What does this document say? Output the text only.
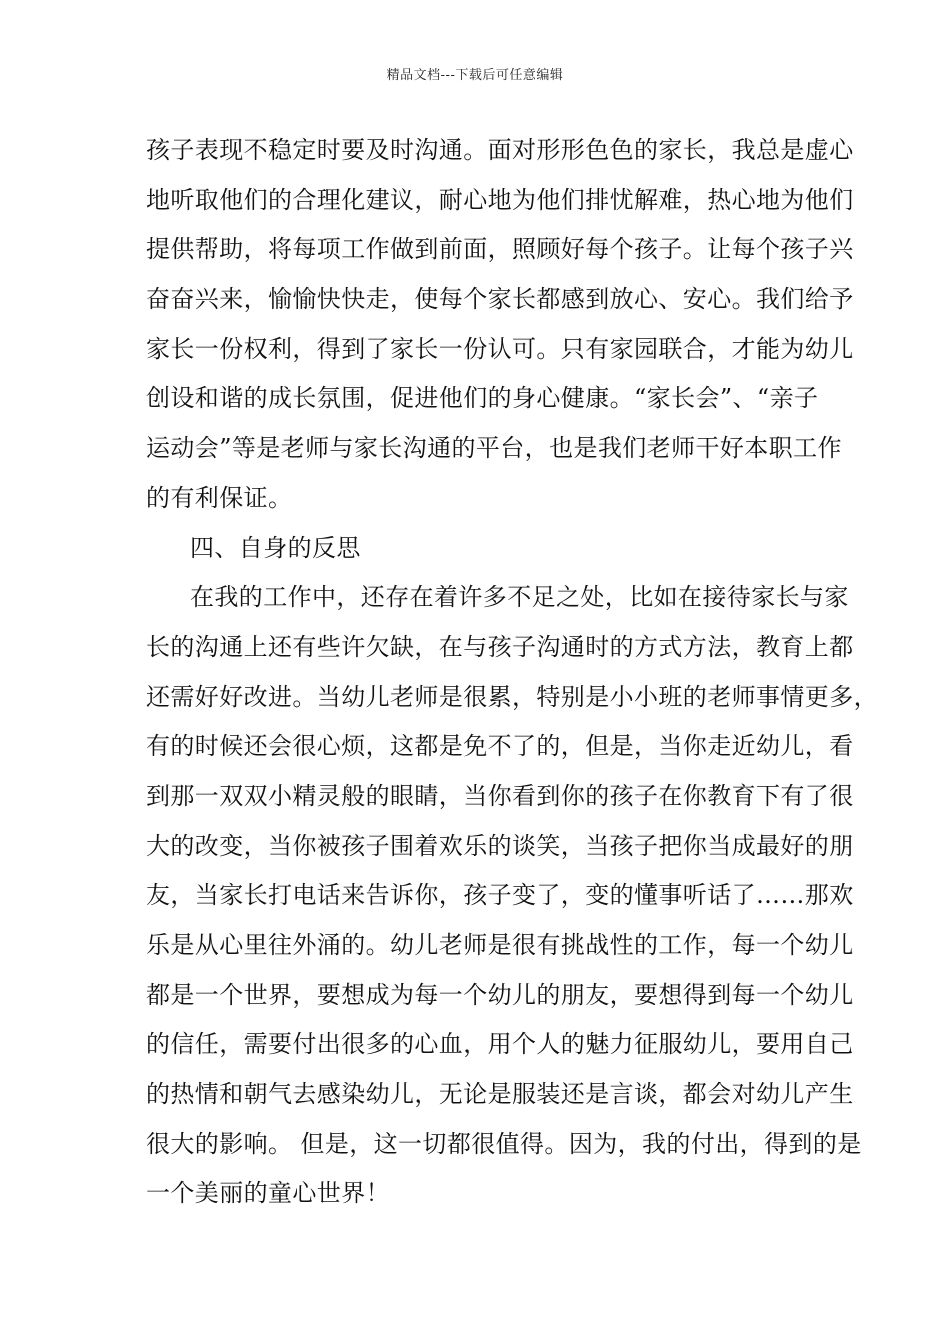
精品文档---下载后可任意编辑
孩子表现不稳定时要及时沟通。面对形形色色的家长，我总是虚心
地听取他们的合理化建议，耐心地为他们排忧解难，热心地为他们
提供帮助，将每项工作做到前面，照顾好每个孩子。让每个孩子兴
奋奋兴来，愉愉快快走，使每个家长都感到放心、安心。我们给予
家长一份权利，得到了家长一份认可。只有家园联合，才能为幼儿
创设和谐的成长氛围，促进他们的身心健康。“家长会”、“亲子
运动会”等是老师与家长沟通的平台，也是我们老师干好本职工作
的有利保证。
四、自身的反思
在我的工作中，还存在着许多不足之处，比如在接待家长与家
长的沟通上还有些许欠缺，在与孩子沟通时的方式方法，教育上都
还需好好改进。当幼儿老师是很累，特别是小小班的老师事情更多，
有的时候还会很心烦，这都是免不了的，但是，当你走近幼儿，看
到那一双双小精灵般的眼睛，当你看到你的孩子在你教育下有了很
大的改变，当你被孩子围着欢乐的谈笑，当孩子把你当成最好的朋
友，当家长打电话来告诉你，孩子变了，变的懂事听话了……那欢
乐是从心里往外涌的。幼儿老师是很有挑战性的工作，每一个幼儿
都是一个世界，要想成为每一个幼儿的朋友，要想得到每一个幼儿
的信任，需要付出很多的心血，用个人的魅力征服幼儿，要用自己
的热情和朝气去感染幼儿，无论是服装还是言谈，都会对幼儿产生
很大的影响。 但是，这一切都很值得。因为，我的付出，得到的是
一个美丽的童心世界！
